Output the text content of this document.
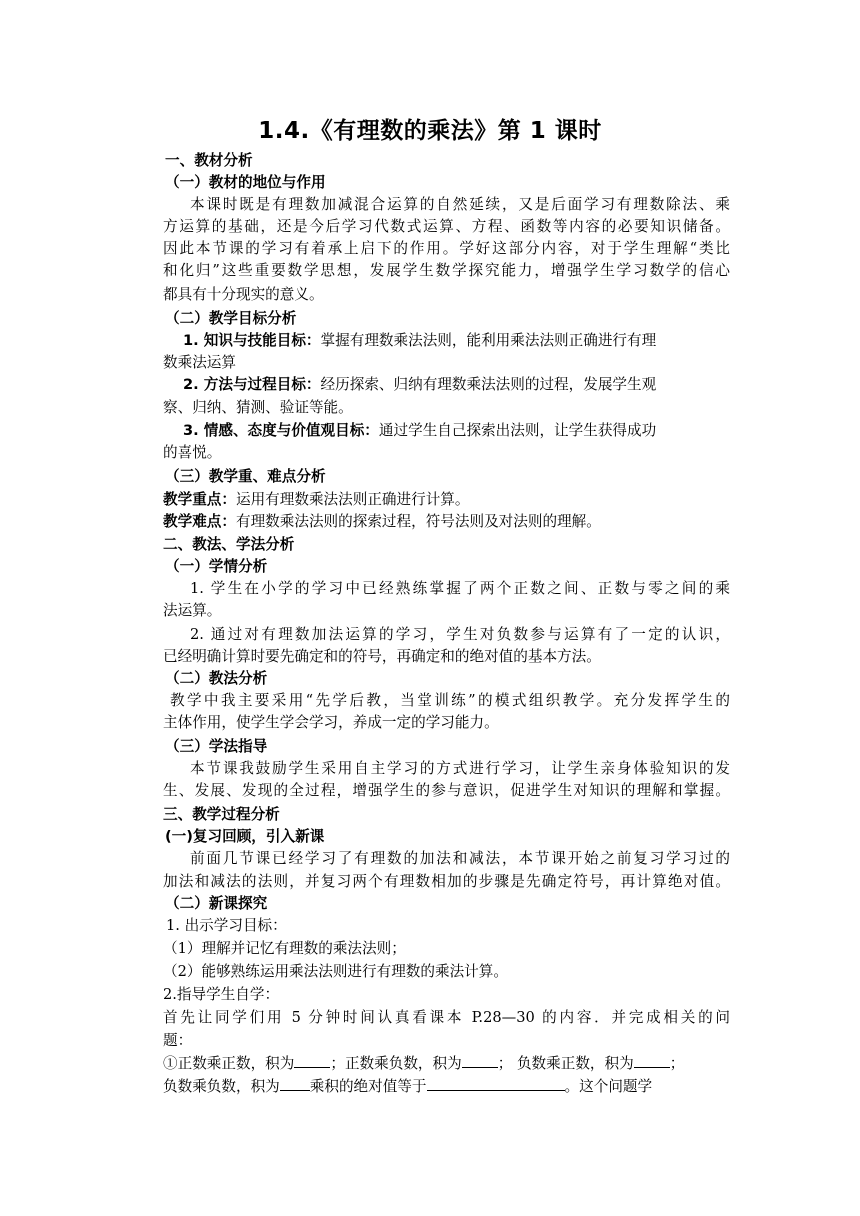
1.4.《有理数的乘法》第 1 课时
一、教材分析
（一）教材的地位与作用
本课时既是有理数加减混合运算的自然延续，又是后面学习有理数除法、乘
方运算的基础，还是今后学习代数式运算、方程、函数等内容的必要知识储备。
因此本节课的学习有着承上启下的作用。学好这部分内容，对于学生理解“类比
和化归”这些重要数学思想，发展学生数学探究能力，增强学生学习数学的信心
都具有十分现实的意义。
（二）教学目标分析
1. 知识与技能目标：掌握有理数乘法法则，能利用乘法法则正确进行有理
数乘法运算
2. 方法与过程目标：经历探索、归纳有理数乘法法则的过程，发展学生观
察、归纳、猜测、验证等能。
3. 情感、态度与价值观目标：通过学生自己探索出法则，让学生获得成功
的喜悦。
（三）教学重、难点分析
教学重点：运用有理数乘法法则正确进行计算。
教学难点：有理数乘法法则的探索过程，符号法则及对法则的理解。
二、教法、学法分析
（一）学情分析
1. 学生在小学的学习中已经熟练掌握了两个正数之间、正数与零之间的乘
法运算。
2. 通过对有理数加法运算的学习，学生对负数参与运算有了一定的认识，
已经明确计算时要先确定和的符号，再确定和的绝对值的基本方法。
（二）教法分析
教学中我主要采用“先学后教，当堂训练”的模式组织教学。充分发挥学生的
主体作用，使学生学会学习，养成一定的学习能力。
（三）学法指导
本节课我鼓励学生采用自主学习的方式进行学习，让学生亲身体验知识的发
生、发展、发现的全过程，增强学生的参与意识，促进学生对知识的理解和掌握。
三、教学过程分析
(一)复习回顾，引入新课
前面几节课已经学习了有理数的加法和减法，本节课开始之前复习学习过的
加法和减法的法则，并复习两个有理数相加的步骤是先确定符号，再计算绝对值。
（二）新课探究
1. 出示学习目标：
（1）理解并记忆有理数的乘法法则；
（2）能够熟练运用乘法法则进行有理数的乘法计算。
2.指导学生自学：
首先让同学们用 5 分钟时间认真看课本 P.28—30 的内容．并完成相关的问
题：
①正数乘正数，积为 ；正数乘负数，积为 ； 负数乘正数，积为 ；
负数乘负数，积为 乘积的绝对值等于	。这个问题学
